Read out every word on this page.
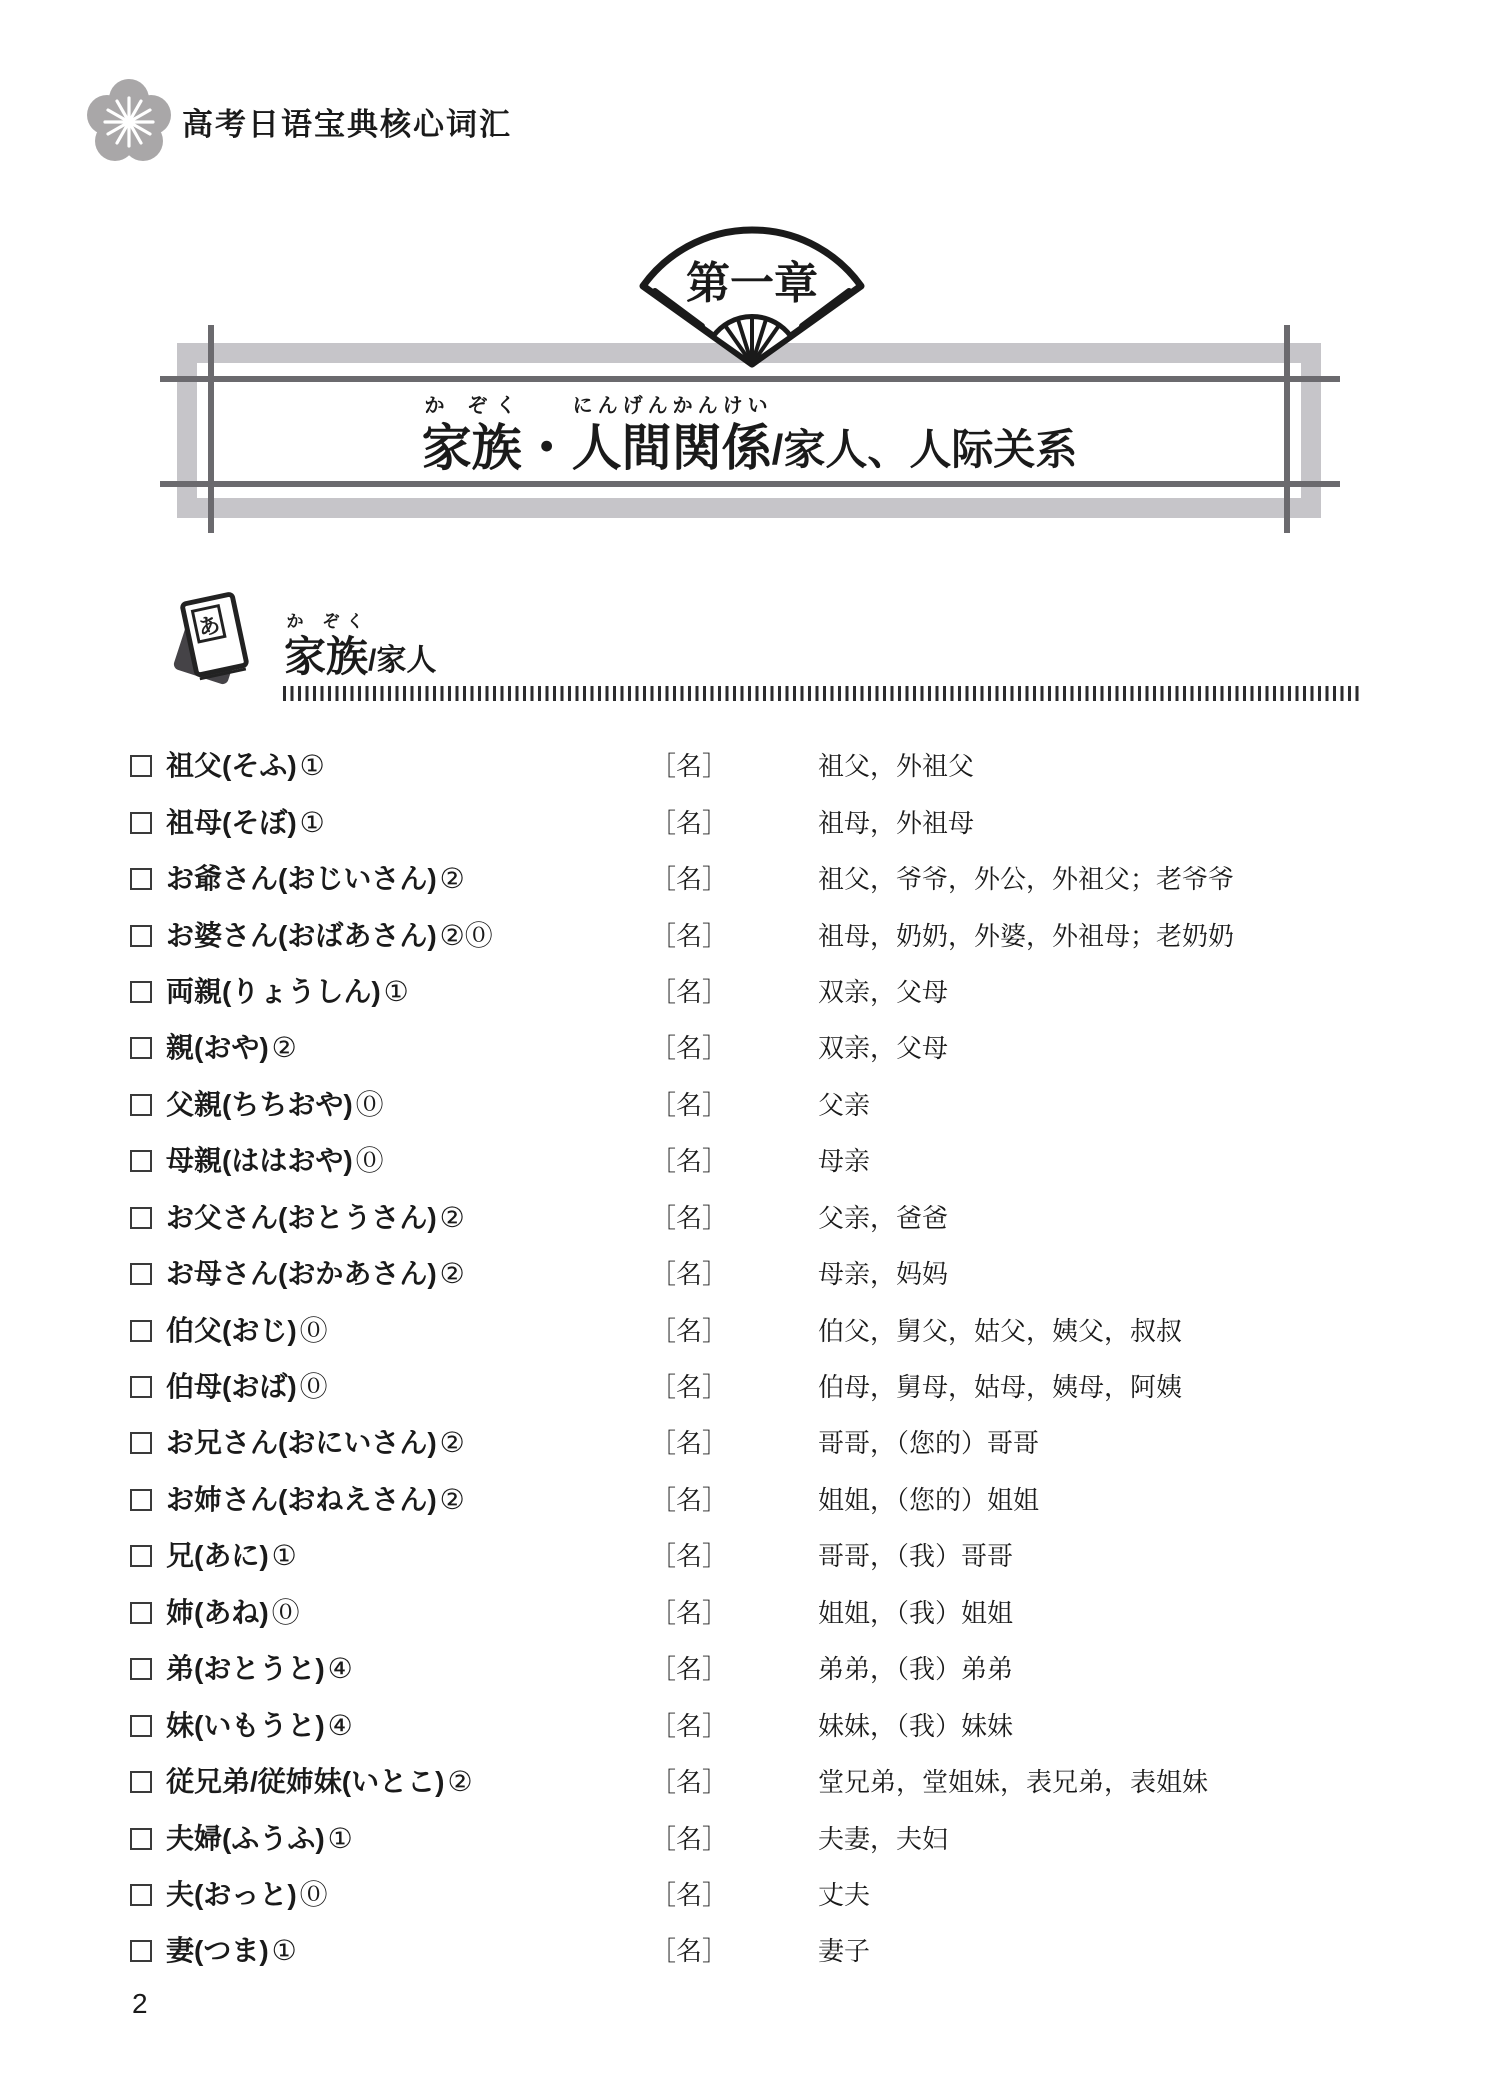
高考日语宝典核心词汇
第一章
家族か ぞく
・ 人間関係にんげんかんけい
/家人、人际关系
あ
家族か ぞく
/家人
祖父(そふ) ①	［名］	祖父，外祖父
祖母(そぼ) ①	［名］	祖母，外祖母
お爺さん(おじいさん) ②	［名］	祖父，爷爷，外公，外祖父；老爷爷
お婆さん(おばあさん) ②⓪	［名］	祖母，奶奶，外婆，外祖母；老奶奶
両親(りょうしん) ①	［名］	双亲，父母
親(おや) ②	［名］	双亲，父母
父親(ちちおや) ⓪	［名］	父亲
母親(ははおや) ⓪	［名］	母亲
お父さん(おとうさん) ②	［名］	父亲，爸爸
お母さん(おかあさん) ②	［名］	母亲，妈妈
伯父(おじ) ⓪	［名］	伯父，舅父，姑父，姨父，叔叔
伯母(おば) ⓪	［名］	伯母，舅母，姑母，姨母，阿姨
お兄さん(おにいさん) ②	［名］	哥哥，（您的）哥哥
お姉さん(おねえさん) ②	［名］	姐姐，（您的）姐姐
兄(あに) ①	［名］	哥哥，（我）哥哥
姉(あね) ⓪	［名］	姐姐，（我）姐姐
弟(おとうと) ④	［名］	弟弟，（我）弟弟
妹(いもうと) ④	［名］	妹妹，（我）妹妹
従兄弟/従姉妹(いとこ) ②	［名］	堂兄弟，堂姐妹，表兄弟，表姐妹
夫婦(ふうふ) ①	［名］	夫妻，夫妇
夫(おっと) ⓪	［名］	丈夫
妻(つま) ①	［名］	妻子
2
